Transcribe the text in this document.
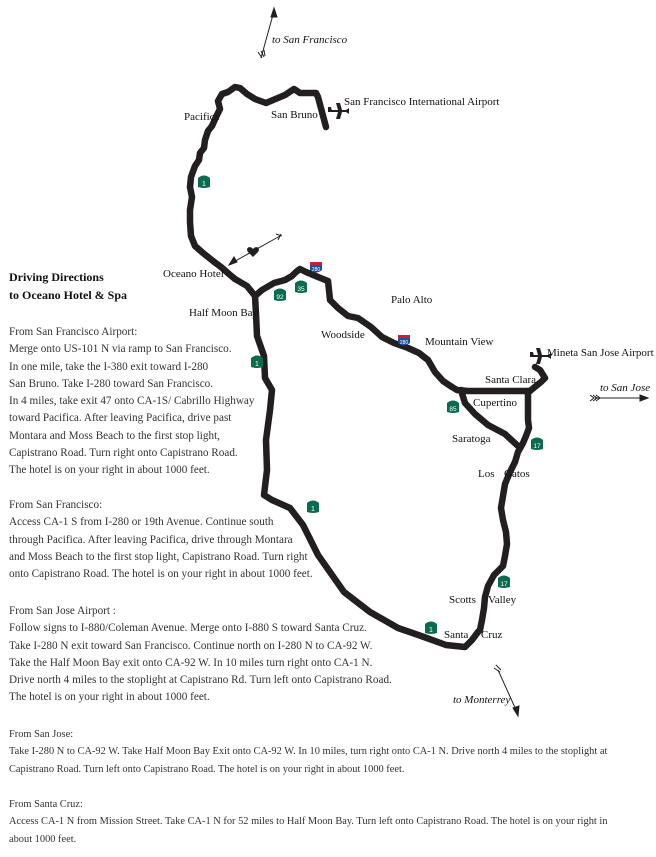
1
1
1
1
92
35
85
17
17
280
280
to San Francisco
Pacifica	San Bruno
San Francisco International Airport
Oceano Hotel
Half Moon Bay
Woodside
Palo Alto
Mountain View
Mineta San Jose Airport
Santa Clara
to San Jose
Cupertino
Saratoga
Los Gatos
Scotts Valley
Santa Cruz
to Monterrey
Driving Directions
to Oceano Hotel & Spa

From San Francisco Airport:

Merge onto US-101 N via ramp to San Francisco.

In one mile, take the I-380 exit toward I-280

San Bruno. Take I-280 toward San Francisco.

In 4 miles, take exit 47 onto CA-1S/ Cabrillo Highway

toward Pacifica. After leaving Pacifica, drive past

Montara and Moss Beach to the first stop light,

Capistrano Road. Turn right onto Capistrano Road.

The hotel is on your right in about 1000 feet.

From San Francisco:

Access CA-1 S from I-280 or 19th Avenue. Continue south

through Pacifica. After leaving Pacifica, drive through Montara

and Moss Beach to the first stop light, Capistrano Road. Turn right

onto Capistrano Road. The hotel is on your right in about 1000 feet.

From San Jose Airport :

Follow signs to I-880/Coleman Avenue. Merge onto I-880 S toward Santa Cruz.

Take I-280 N exit toward San Francisco. Continue north on I-280 N to CA-92 W.

Take the Half Moon Bay exit onto CA-92 W. In 10 miles turn right onto CA-1 N.

Drive north 4 miles to the stoplight at Capistrano Rd. Turn left onto Capistrano Road.

The hotel is on your right in about 1000 feet.

From San Jose:

Take I-280 N to CA-92 W. Take Half Moon Bay Exit onto CA-92 W. In 10 miles, turn right onto CA-1 N. Drive north 4 miles to the stoplight at

Capistrano Road. Turn left onto Capistrano Road. The hotel is on your right in about 1000 feet.

From Santa Cruz:

Access CA-1 N from Mission Street. Take CA-1 N for 52 miles to Half Moon Bay. Turn left onto Capistrano Road. The hotel is on your right in

about 1000 feet.
